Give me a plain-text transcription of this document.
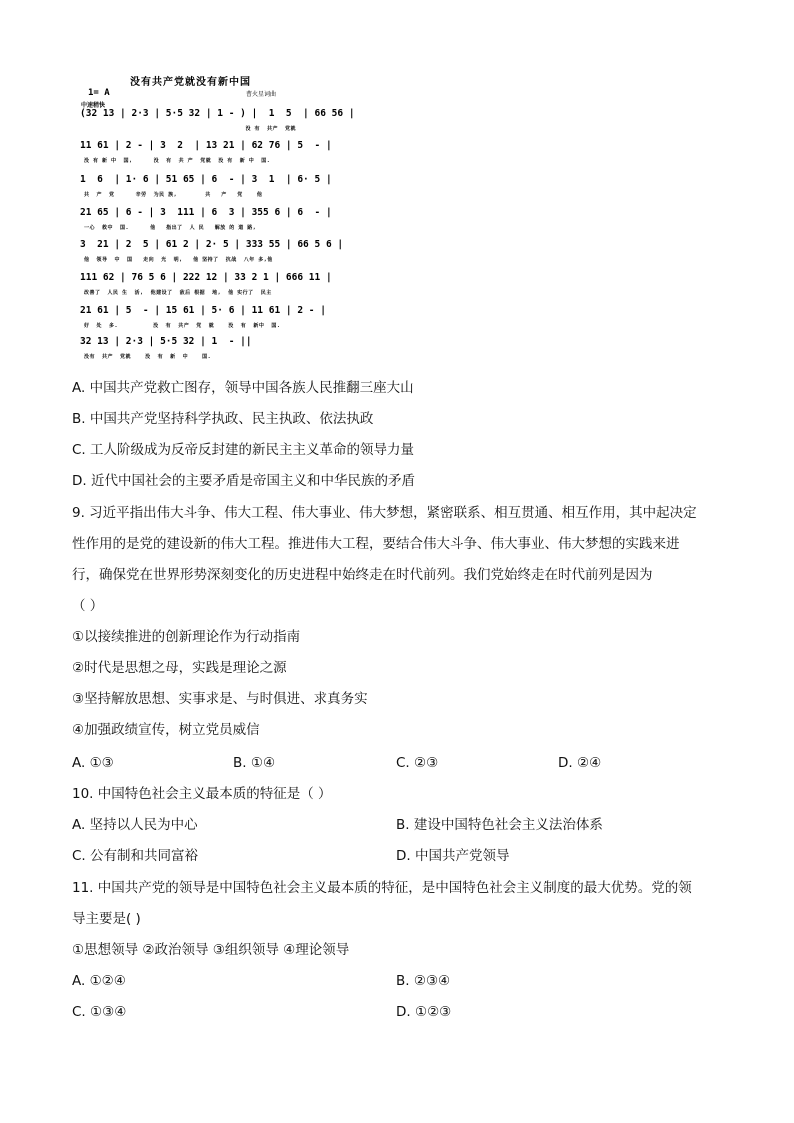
没有共产党就没有新中国
1= A
中速稍快
曹火星词曲
(32 13 | 2·3 | 5·5 32 | 1 - ) |  1  5  | 66 56 |
没 有  共产  党就
11 61 | 2 - | 3  2  | 13 21 | 62 76 | 5  - |
没 有 新 中  国,      没  有  共 产  党就  没 有  新 中  国.
1  6  | 1· 6 | 51 65 | 6  - | 3  1  | 6· 5 |
共  产  党      辛劳  为民 族,        共   产   党    他
21 65 | 6 - | 3  111 | 6  3 | 355 6 | 6  - |
一心  救中  国.      他   指出了  人 民   解放 的 道 路,
3  21 | 2  5 | 61 2 | 2· 5 | 333 55 | 66 5 6 |
他  领导  中  国   走向  光  明,   他 坚持了  抗战  八年 多,他
111 62 | 76 5 6 | 222 12 | 33 2 1 | 666 11 |
改善了  人民 生  活,  他建设了  敌后 根据  地,  他 实行了  民主
21 61 | 5  - | 15 61 | 5· 6 | 11 61 | 2 - |
好  处  多.          没  有  共产  党  就    没  有  新中  国.
32 13 | 2·3 | 5·5 32 | 1  - ||
没有  共产  党就    没  有  新  中    国.
A. 中国共产党救亡图存，领导中国各族人民推翻三座大山
B. 中国共产党坚持科学执政、民主执政、依法执政
C. 工人阶级成为反帝反封建的新民主主义革命的领导力量
D. 近代中国社会的主要矛盾是帝国主义和中华民族的矛盾
9. 习近平指出伟大斗争、伟大工程、伟大事业、伟大梦想，紧密联系、相互贯通、相互作用，其中起决定
性作用的是党的建设新的伟大工程。推进伟大工程，要结合伟大斗争、伟大事业、伟大梦想的实践来进
行，确保党在世界形势深刻变化的历史进程中始终走在时代前列。我们党始终走在时代前列是因为
（ ）
①以接续推进的创新理论作为行动指南
②时代是思想之母，实践是理论之源
③坚持解放思想、实事求是、与时俱进、求真务实
④加强政绩宣传，树立党员威信
A. ①③	B. ①④	C. ②③	D. ②④
10. 中国特色社会主义最本质的特征是（ ）
A. 坚持以人民为中心	B. 建设中国特色社会主义法治体系
C. 公有制和共同富裕	D. 中国共产党领导
11. 中国共产党的领导是中国特色社会主义最本质的特征，是中国特色社会主义制度的最大优势。党的领
导主要是( )
①思想领导 ②政治领导 ③组织领导 ④理论领导
A. ①②④	B. ②③④
C. ①③④	D. ①②③
